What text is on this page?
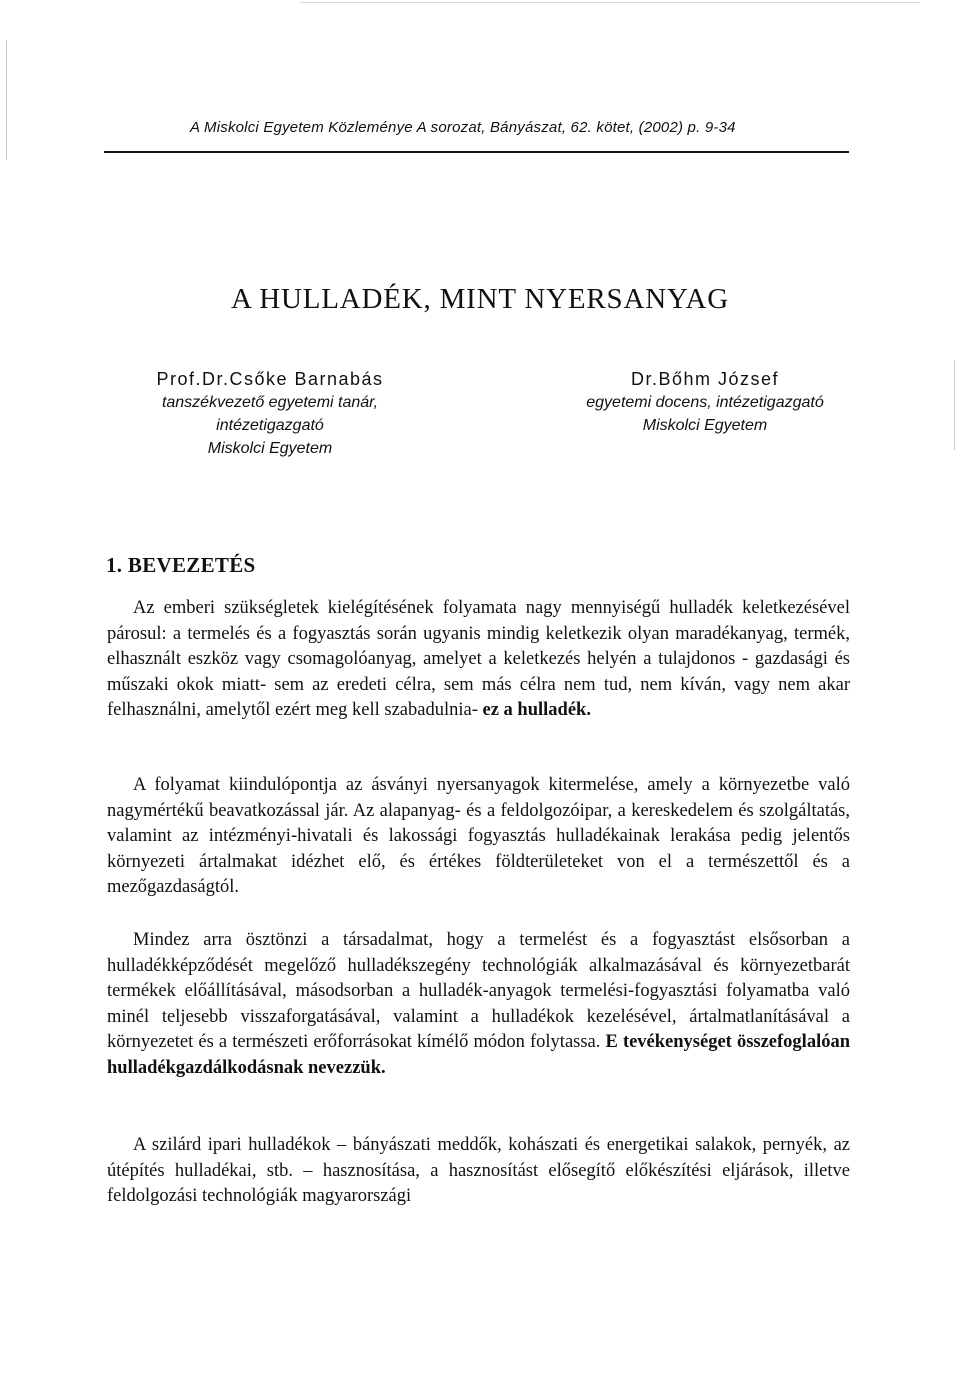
A Miskolci Egyetem Közleménye A sorozat, Bányászat, 62. kötet, (2002) p. 9-34
A HULLADÉK, MINT NYERSANYAG
Prof.Dr.Csőke Barnabás
tanszékvezető egyetemi tanár,
intézetigazgató
Miskolci Egyetem
Dr.Bőhm József
egyetemi docens, intézetigazgató
Miskolci Egyetem
1. BEVEZETÉS

Az emberi szükségletek kielégítésének folyamata nagy mennyiségű hulladék keletkezésével párosul: a termelés és a fogyasztás során ugyanis mindig keletkezik olyan maradékanyag, termék, elhasznált eszköz vagy csomagolóanyag, amelyet a keletkezés helyén a tulajdonos - gazdasági és műszaki okok miatt- sem az eredeti célra, sem más célra nem tud, nem kíván, vagy nem akar felhasználni, amelytől ezért meg kell szabadulnia- ez a hulladék.

A folyamat kiindulópontja az ásványi nyersanyagok kitermelése, amely a környezetbe való nagymértékű beavatkozással jár. Az alapanyag- és a feldolgozóipar, a kereskedelem és szolgáltatás, valamint az intézményi-hivatali és lakossági fogyasztás hulladékainak lerakása pedig jelentős környezeti ártalmakat idézhet elő, és értékes földterületeket von el a természettől és a mezőgazdaságtól.

Mindez arra ösztönzi a társadalmat, hogy a termelést és a fogyasztást elsősorban a hulladékképződését megelőző hulladékszegény technológiák alkalmazásával és környezetbarát termékek előállításával, másodsorban a hulladék-anyagok termelési-fogyasztási folyamatba való minél teljesebb visszaforgatásával, valamint a hulladékok kezelésével, ártalmatlanításával a környezetet és a természeti erőforrásokat kímélő módon folytassa. E tevékenységet összefoglalóan hulladékgazdálkodásnak nevezzük.

A szilárd ipari hulladékok – bányászati meddők, kohászati és energetikai salakok, pernyék, az útépítés hulladékai, stb. – hasznosítása, a hasznosítást elősegítő előkészítési eljárások, illetve feldolgozási technológiák magyarországi
